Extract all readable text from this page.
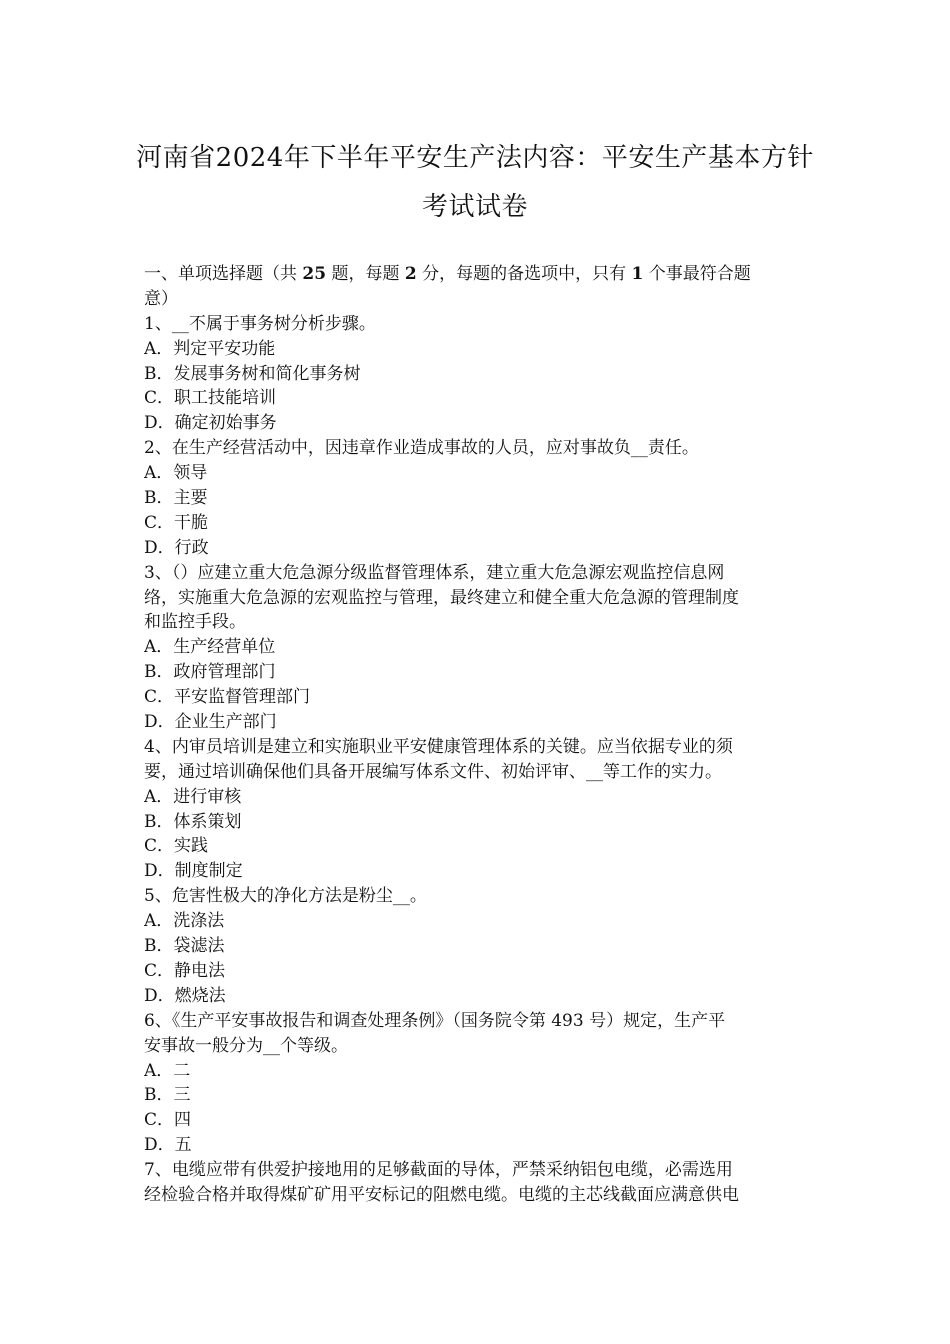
河南省2024年下半年平安生产法内容：平安生产基本方针
考试试卷
一、单项选择题（共 25 题，每题 2 分，每题的备选项中，只有 1 个事最符合题
意）
1、__不属于事务树分析步骤。
A．判定平安功能
B．发展事务树和简化事务树
C．职工技能培训
D．确定初始事务
2、在生产经营活动中，因违章作业造成事故的人员，应对事故负__责任。
A．领导
B．主要
C．干脆
D．行政
3、（）应建立重大危急源分级监督管理体系，建立重大危急源宏观监控信息网
络，实施重大危急源的宏观监控与管理，最终建立和健全重大危急源的管理制度
和监控手段。
A．生产经营单位
B．政府管理部门
C．平安监督管理部门
D．企业生产部门
4、内审员培训是建立和实施职业平安健康管理体系的关键。应当依据专业的须
要，通过培训确保他们具备开展编写体系文件、初始评审、__等工作的实力。
A．进行审核
B．体系策划
C．实践
D．制度制定
5、危害性极大的净化方法是粉尘__。
A．洗涤法
B．袋滤法
C．静电法
D．燃烧法
6、《生产平安事故报告和调查处理条例》（国务院令第 493 号）规定，生产平
安事故一般分为__个等级。
A．二
B．三
C．四
D．五
7、电缆应带有供爱护接地用的足够截面的导体，严禁采纳铝包电缆，必需选用
经检验合格并取得煤矿矿用平安标记的阻燃电缆。电缆的主芯线截面应满意供电
